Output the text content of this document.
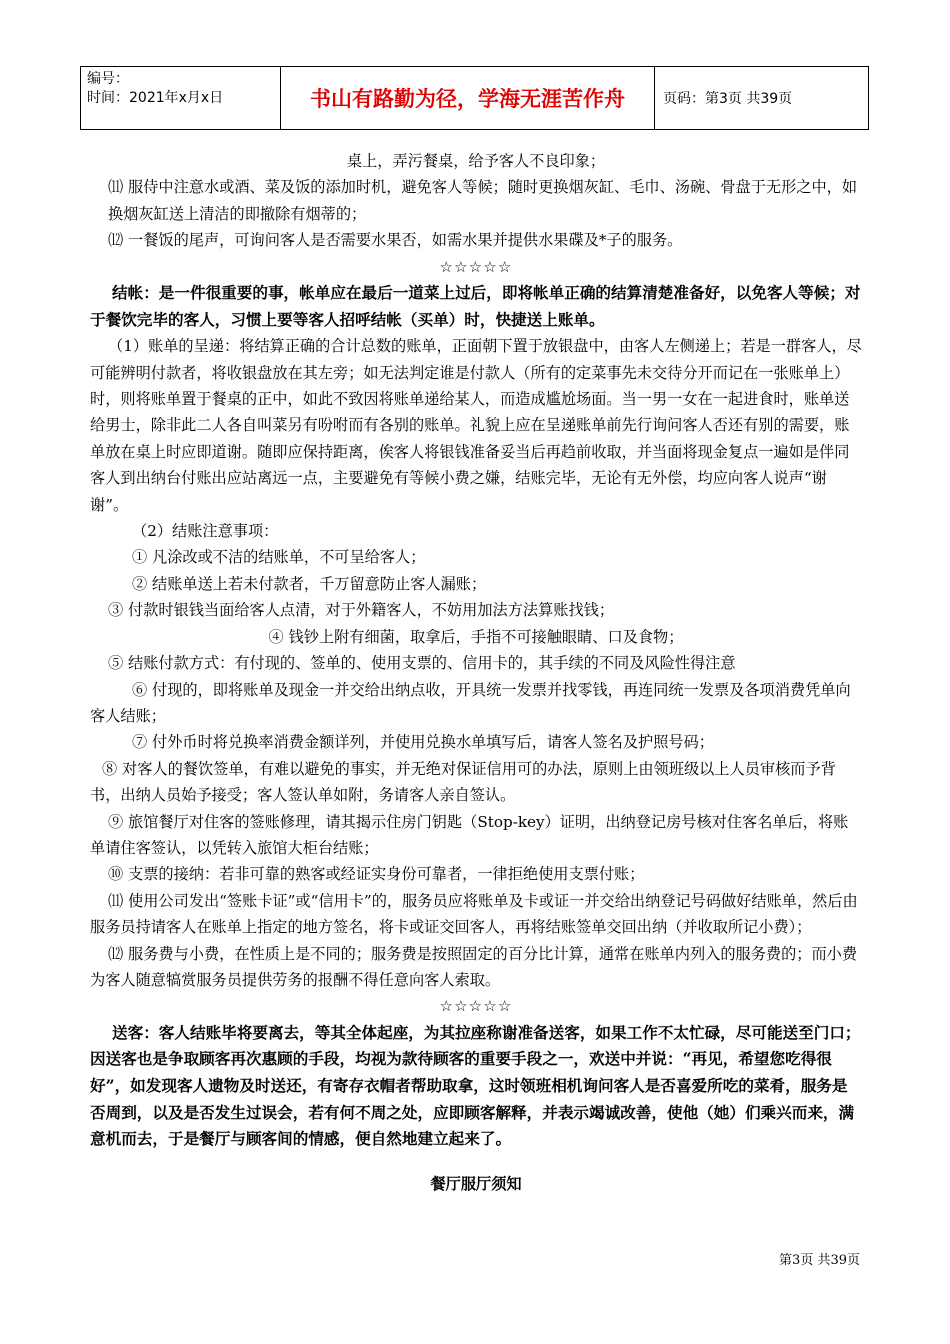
编号：
时间：2021年x月x日	书山有路勤为径，学海无涯苦作舟	页码：第3页 共39页

桌上，弄污餐桌，给予客人不良印象；

⑾ 服侍中注意水或酒、菜及饭的添加时机，避免客人等候；随时更换烟灰缸、毛巾、汤碗、骨盘于无形之中，如换烟灰缸送上清洁的即撤除有烟蒂的；

⑿ 一餐饭的尾声，可询问客人是否需要水果否，如需水果并提供水果碟及*子的服务。

☆☆☆☆☆

结帐：是一件很重要的事，帐单应在最后一道菜上过后，即将帐单正确的结算清楚准备好，以免客人等候；对于餐饮完毕的客人，习惯上要等客人招呼结帐（买单）时，快捷送上账单。

（1）账单的呈递：将结算正确的合计总数的账单，正面朝下置于放银盘中，由客人左侧递上；若是一群客人，尽可能辨明付款者，将收银盘放在其左旁；如无法判定谁是付款人（所有的定菜事先未交待分开而记在一张账单上）时，则将账单置于餐桌的正中，如此不致因将账单递给某人，而造成尴尬场面。当一男一女在一起进食时，账单送给男士，除非此二人各自叫菜另有吩咐而有各别的账单。礼貌上应在呈递账单前先行询问客人否还有别的需要，账单放在桌上时应即道谢。随即应保持距离，俟客人将银钱准备妥当后再趋前收取，并当面将现金复点一遍如是伴同客人到出纳台付账出应站离远一点，主要避免有等候小费之嫌，结账完毕，无论有无外偿，均应向客人说声“谢谢”。

（2）结账注意事项：

① 凡涂改或不洁的结账单，不可呈给客人；

② 结账单送上若未付款者，千万留意防止客人漏账；

③ 付款时银钱当面给客人点清，对于外籍客人，不妨用加法方法算账找钱；

④ 钱钞上附有细菌，取拿后，手指不可接触眼睛、口及食物；

⑤ 结账付款方式：有付现的、签单的、使用支票的、信用卡的，其手续的不同及风险性得注意

⑥ 付现的，即将账单及现金一并交给出纳点收，开具统一发票并找零钱，再连同统一发票及各项消费凭单向客人结账；

⑦ 付外币时将兑换率消费金额详列，并使用兑换水单填写后，请客人签名及护照号码；

⑧ 对客人的餐饮签单，有难以避免的事实，并无绝对保证信用可的办法，原则上由领班级以上人员审核而予背书，出纳人员始予接受；客人签认单如附，务请客人亲自签认。

⑨ 旅馆餐厅对住客的签账修理，请其揭示住房门钥匙（Stop-key）证明，出纳登记房号核对住客名单后，将账单请住客签认，以凭转入旅馆大柜台结账；

⑩ 支票的接纳：若非可靠的熟客或经证实身份可靠者，一律拒绝使用支票付账；

⑾ 使用公司发出“签账卡证”或“信用卡”的，服务员应将账单及卡或证一并交给出纳登记号码做好结账单，然后由服务员持请客人在账单上指定的地方签名，将卡或证交回客人，再将结账签单交回出纳（并收取所记小费）；

⑿ 服务费与小费，在性质上是不同的；服务费是按照固定的百分比计算，通常在账单内列入的服务费的；而小费为客人随意犒赏服务员提供劳务的报酬不得任意向客人索取。

☆☆☆☆☆

送客：客人结账毕将要离去，等其全体起座，为其拉座称谢准备送客，如果工作不太忙碌，尽可能送至门口；因送客也是争取顾客再次惠顾的手段，均视为款待顾客的重要手段之一，欢送中并说：“再见，希望您吃得很好”，如发现客人遗物及时送还，有寄存衣帽者帮助取拿，这时领班相机询问客人是否喜爱所吃的菜肴，服务是否周到，以及是否发生过误会，若有何不周之处，应即顾客解释，并表示竭诚改善，使他（她）们乘兴而来，满意机而去，于是餐厅与顾客间的情感，便自然地建立起来了。

餐厅服厅须知

第3页 共39页
